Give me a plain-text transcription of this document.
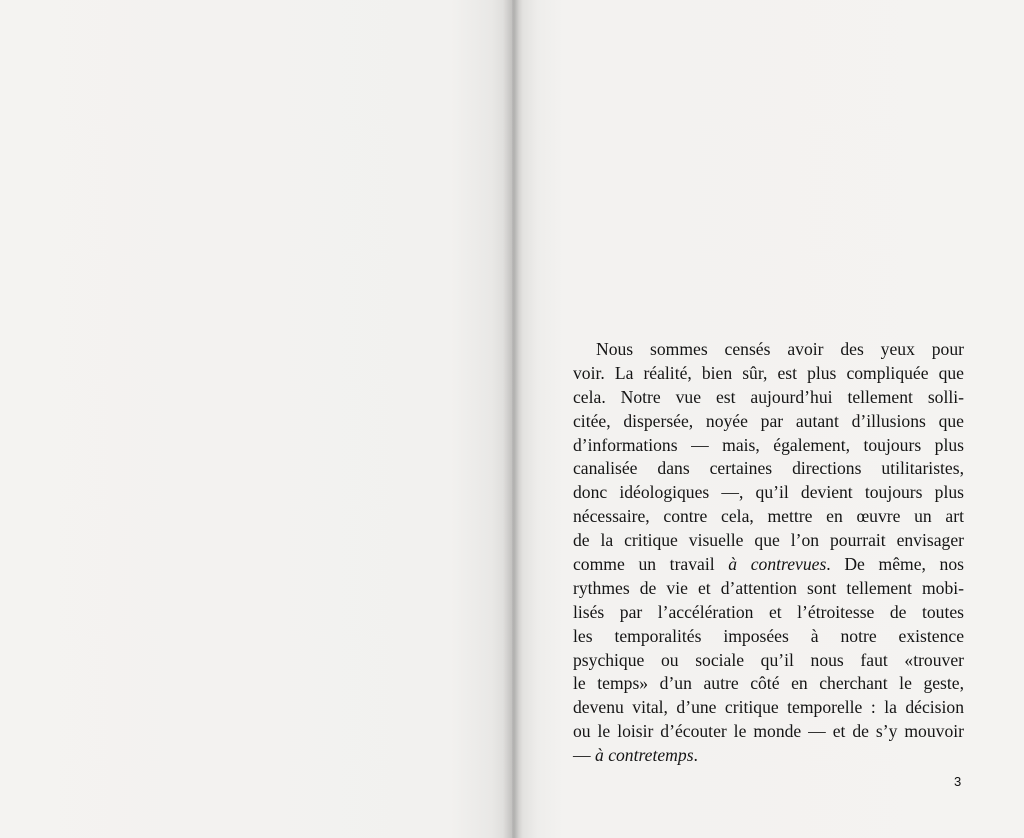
Nous sommes censés avoir des yeux pour
voir. La réalité, bien sûr, est plus compliquée que
cela. Notre vue est aujourd’hui tellement solli-
citée, dispersée, noyée par autant d’illusions que
d’informations — mais, également, toujours plus
canalisée dans certaines directions utilitaristes,
donc idéologiques —, qu’il devient toujours plus
nécessaire, contre cela, mettre en œuvre un art
de la critique visuelle que l’on pourrait envisager
comme un travail à contrevues. De même, nos
rythmes de vie et d’attention sont tellement mobi-
lisés par l’accélération et l’étroitesse de toutes
les temporalités imposées à notre existence
psychique ou sociale qu’il nous faut «trouver
le temps» d’un autre côté en cherchant le geste,
devenu vital, d’une critique temporelle : la décision
ou le loisir d’écouter le monde — et de s’y mouvoir
— à contretemps.
3
